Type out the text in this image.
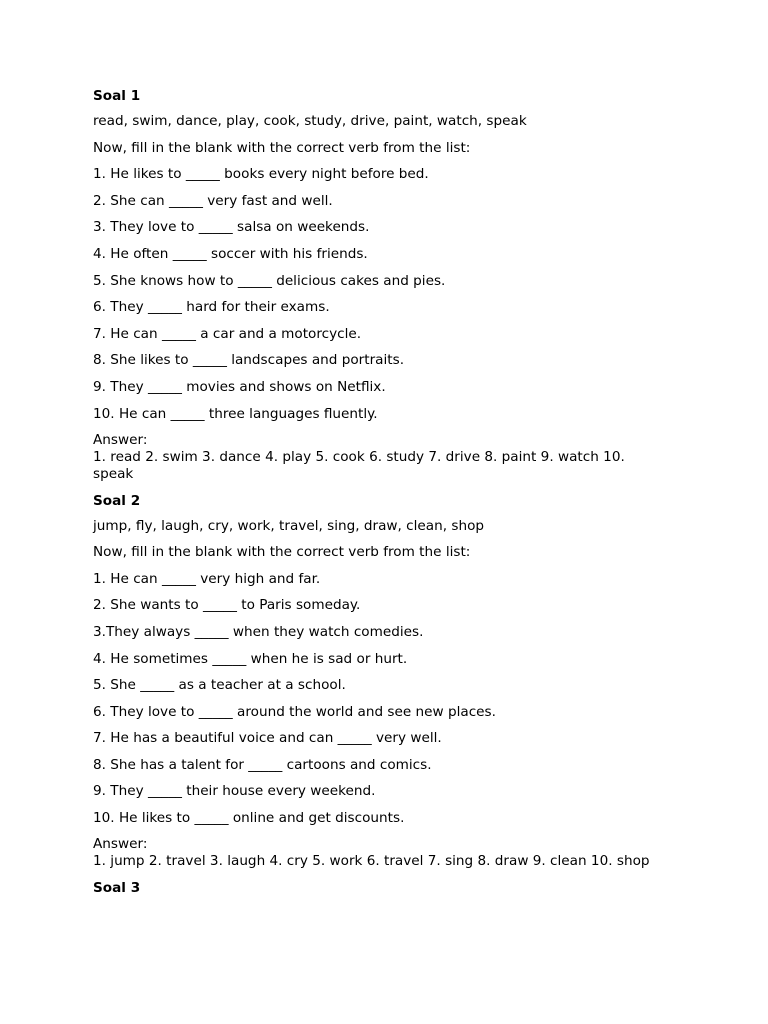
Soal 1

read, swim, dance, play, cook, study, drive, paint, watch, speak

Now, fill in the blank with the correct verb from the list:

1. He likes to _____ books every night before bed.

2. She can _____ very fast and well.

3. They love to _____ salsa on weekends.

4. He often _____ soccer with his friends.

5. She knows how to _____ delicious cakes and pies.

6. They _____ hard for their exams.

7. He can _____ a car and a motorcycle.

8. She likes to _____ landscapes and portraits.

9. They _____ movies and shows on Netflix.

10. He can _____ three languages fluently.

Answer:

1. read 2. swim 3. dance 4. play 5. cook 6. study 7. drive 8. paint 9. watch 10. speak

Soal 2

jump, fly, laugh, cry, work, travel, sing, draw, clean, shop

Now, fill in the blank with the correct verb from the list:

1. He can _____ very high and far.

2. She wants to _____ to Paris someday.

3.They always _____ when they watch comedies.

4. He sometimes _____ when he is sad or hurt.

5. She _____ as a teacher at a school.

6. They love to _____ around the world and see new places.

7. He has a beautiful voice and can _____ very well.

8. She has a talent for _____ cartoons and comics.

9. They _____ their house every weekend.

10. He likes to _____ online and get discounts.

Answer:

1. jump 2. travel 3. laugh 4. cry 5. work 6. travel 7. sing 8. draw 9. clean 10. shop

Soal 3
